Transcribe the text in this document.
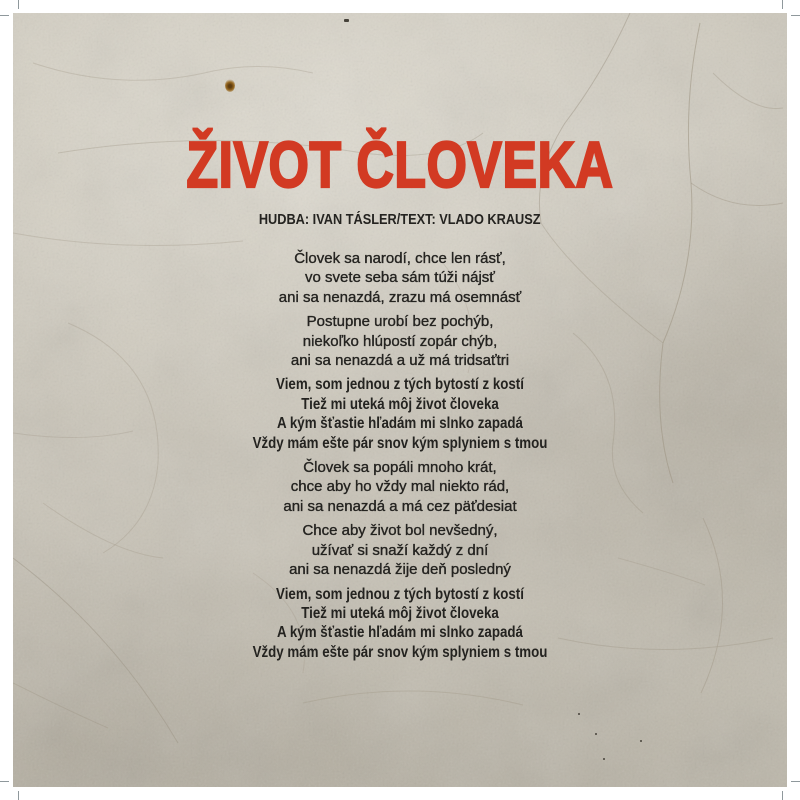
ŽIVOT ČLOVEKA
HUDBA: IVAN TÁSLER/TEXT: VLADO KRAUSZ
Človek sa narodí, chce len rásť,
vo svete seba sám túži nájsť
ani sa nenazdá, zrazu má osemnásť
Postupne urobí bez pochýb,
niekoľko hlúpostí zopár chýb,
ani sa nenazdá a už má tridsaťtri
Viem, som jednou z tých bytostí z kostí
Tiež mi uteká môj život človeka
A kým šťastie hľadám mi slnko zapadá
Vždy mám ešte pár snov kým splyniem s tmou
Človek sa popáli mnoho krát,
chce aby ho vždy mal niekto rád,
ani sa nenazdá a má cez päťdesiat
Chce aby život bol nevšedný,
užívať si snaží každý z dní
ani sa nenazdá žije deň posledný
Viem, som jednou z tých bytostí z kostí
Tiež mi uteká môj život človeka
A kým šťastie hľadám mi slnko zapadá
Vždy mám ešte pár snov kým splyniem s tmou
